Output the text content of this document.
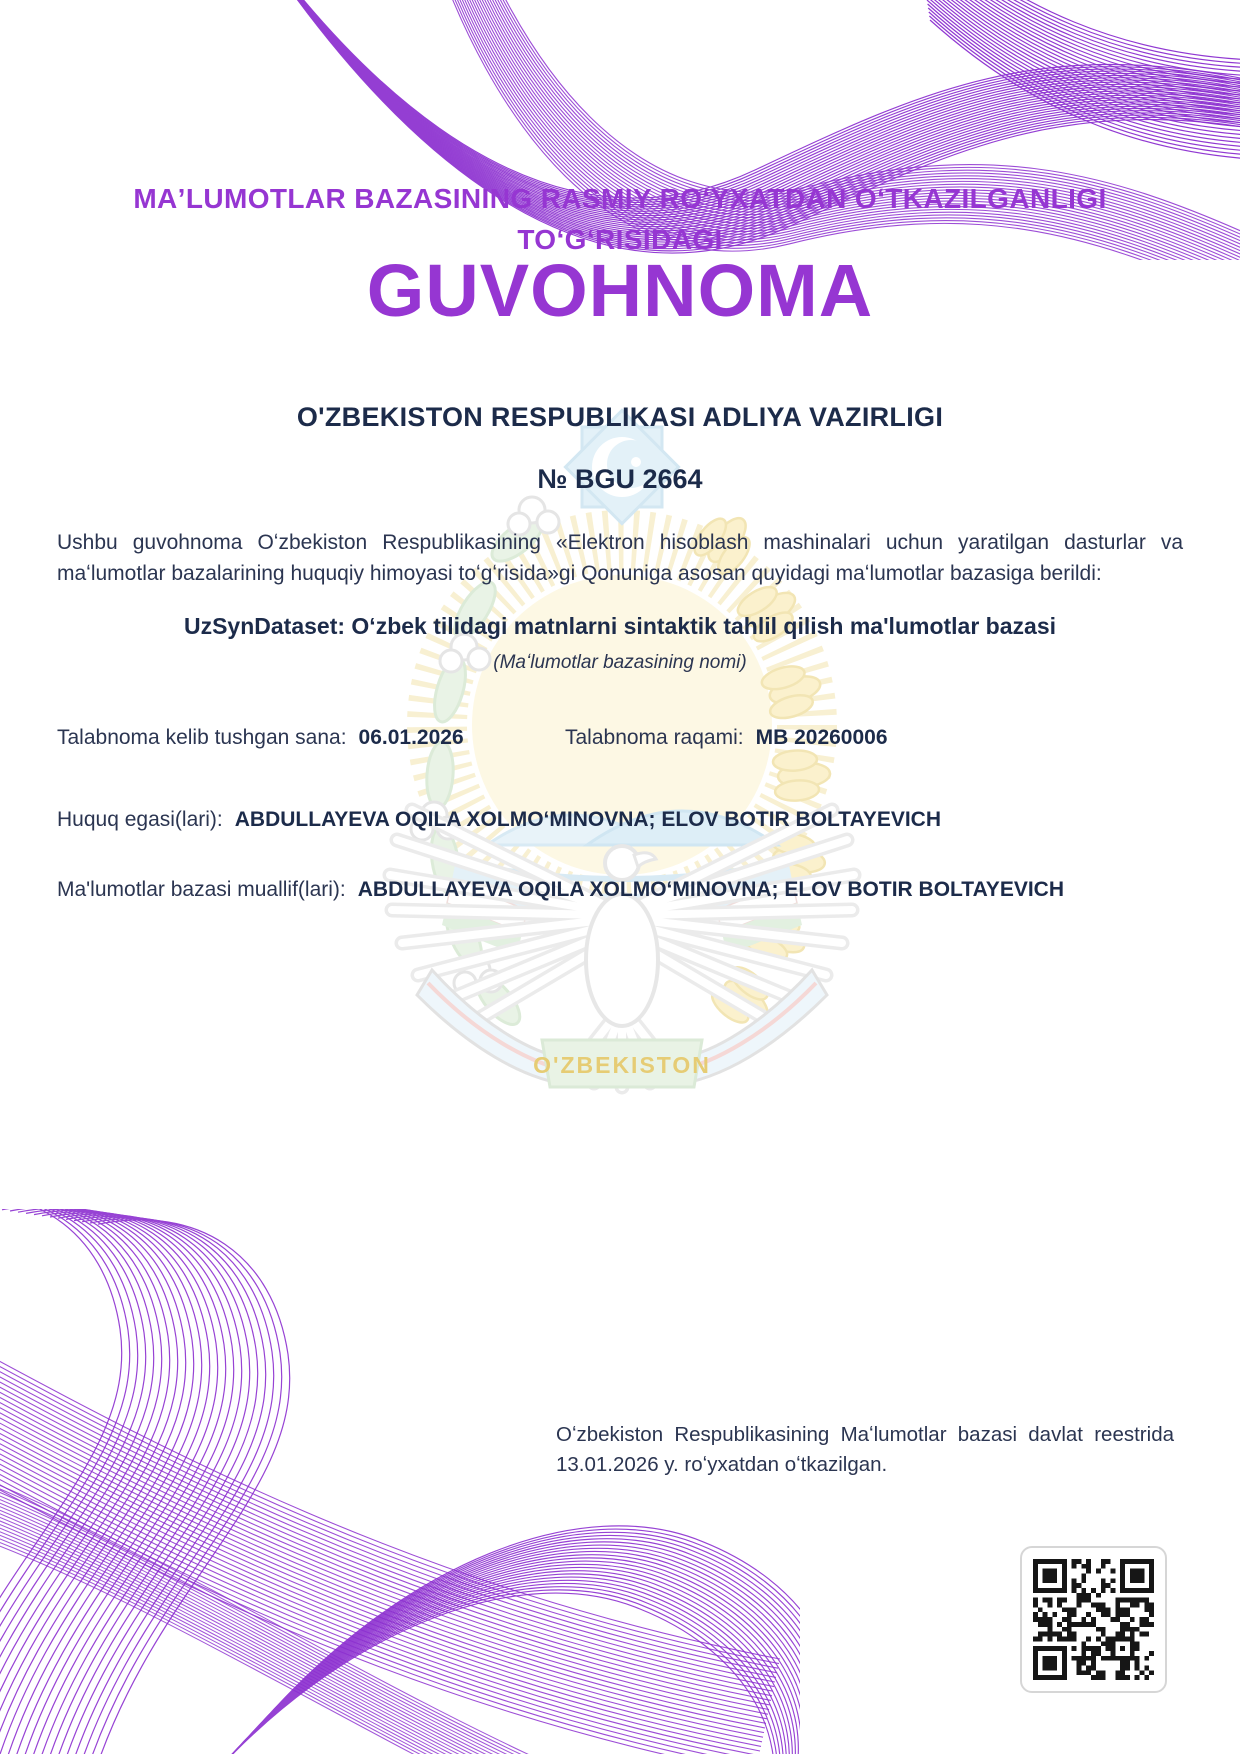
O'ZBEKISTON
MAʼLUMOTLAR BAZASINING RASMIY ROʻYXATDAN OʻTKAZILGANLIGI
TOʻGʻRISIDAGI
GUVOHNOMA
O'ZBEKISTON RESPUBLIKASI ADLIYA VAZIRLIGI
№ BGU 2664

Ushbu guvohnoma Oʻzbekiston Respublikasining «Elektron hisoblash mashinalari uchun yaratilgan dasturlar va maʻlumotlar bazalarining huquqiy himoyasi toʻgʻrisida»gi Qonuniga asosan quyidagi maʻlumotlar bazasiga berildi:

UzSynDataset: Oʻzbek tilidagi matnlarni sintaktik tahlil qilish ma'lumotlar bazasi
(Maʻlumotlar bazasining nomi)
Talabnoma kelib tushgan sana: 06.01.2026	Talabnoma raqami: MB 20260006
Huquq egasi(lari): ABDULLAYEVA OQILA XOLMOʻMINOVNA; ELOV BOTIR BOLTAYEVICH
Ma'lumotlar bazasi muallif(lari): ABDULLAYEVA OQILA XOLMOʻMINOVNA; ELOV BOTIR BOLTAYEVICH

Oʻzbekiston Respublikasining Maʻlumotlar bazasi davlat reestrida 13.01.2026 y. roʻyxatdan oʻtkazilgan.
